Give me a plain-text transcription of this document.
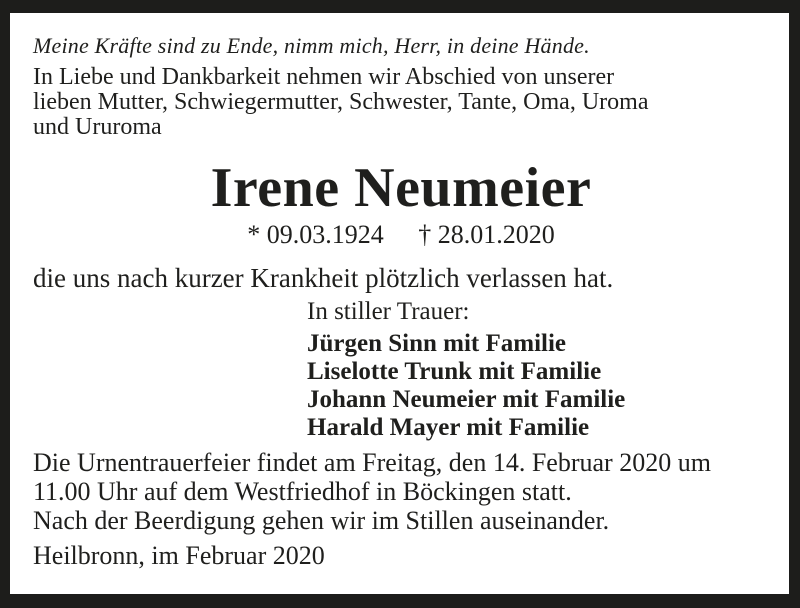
Meine Kräfte sind zu Ende, nimm mich, Herr, in deine Hände.
In Liebe und Dankbarkeit nehmen wir Abschied von unserer
lieben Mutter, Schwiegermutter, Schwester, Tante, Oma, Uroma
und Ururoma
Irene Neumeier
* 09.03.1924 † 28.01.2020
die uns nach kurzer Krankheit plötzlich verlassen hat.
In stiller Trauer:
Jürgen Sinn mit Familie
Liselotte Trunk mit Familie
Johann Neumeier mit Familie
Harald Mayer mit Familie
Die Urnentrauerfeier findet am Freitag, den 14. Februar 2020 um
11.00 Uhr auf dem Westfriedhof in Böckingen statt.
Nach der Beerdigung gehen wir im Stillen auseinander.
Heilbronn, im Februar 2020
